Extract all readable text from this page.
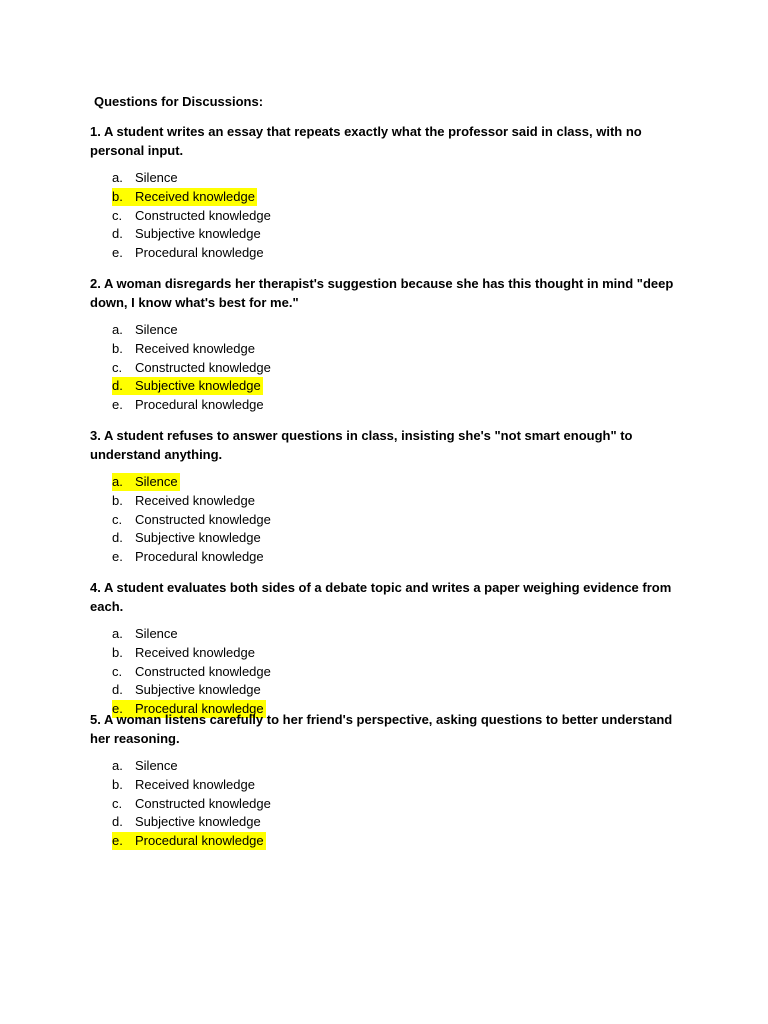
Questions for Discussions:

1. A student writes an essay that repeats exactly what the professor said in class, with no personal input.

a. Silence
b. Received knowledge
c. Constructed knowledge
d. Subjective knowledge
e. Procedural knowledge

2. A woman disregards her therapist's suggestion because she has this thought in mind "deep down, I know what's best for me."

a. Silence
b. Received knowledge
c. Constructed knowledge
d. Subjective knowledge
e. Procedural knowledge

3. A student refuses to answer questions in class, insisting she's "not smart enough" to understand anything.

a. Silence
b. Received knowledge
c. Constructed knowledge
d. Subjective knowledge
e. Procedural knowledge

4. A student evaluates both sides of a debate topic and writes a paper weighing evidence from each.

a. Silence
b. Received knowledge
c. Constructed knowledge
d. Subjective knowledge
e. Procedural knowledge

5. A woman listens carefully to her friend's perspective, asking questions to better understand her reasoning.

a. Silence
b. Received knowledge
c. Constructed knowledge
d. Subjective knowledge
e. Procedural knowledge
